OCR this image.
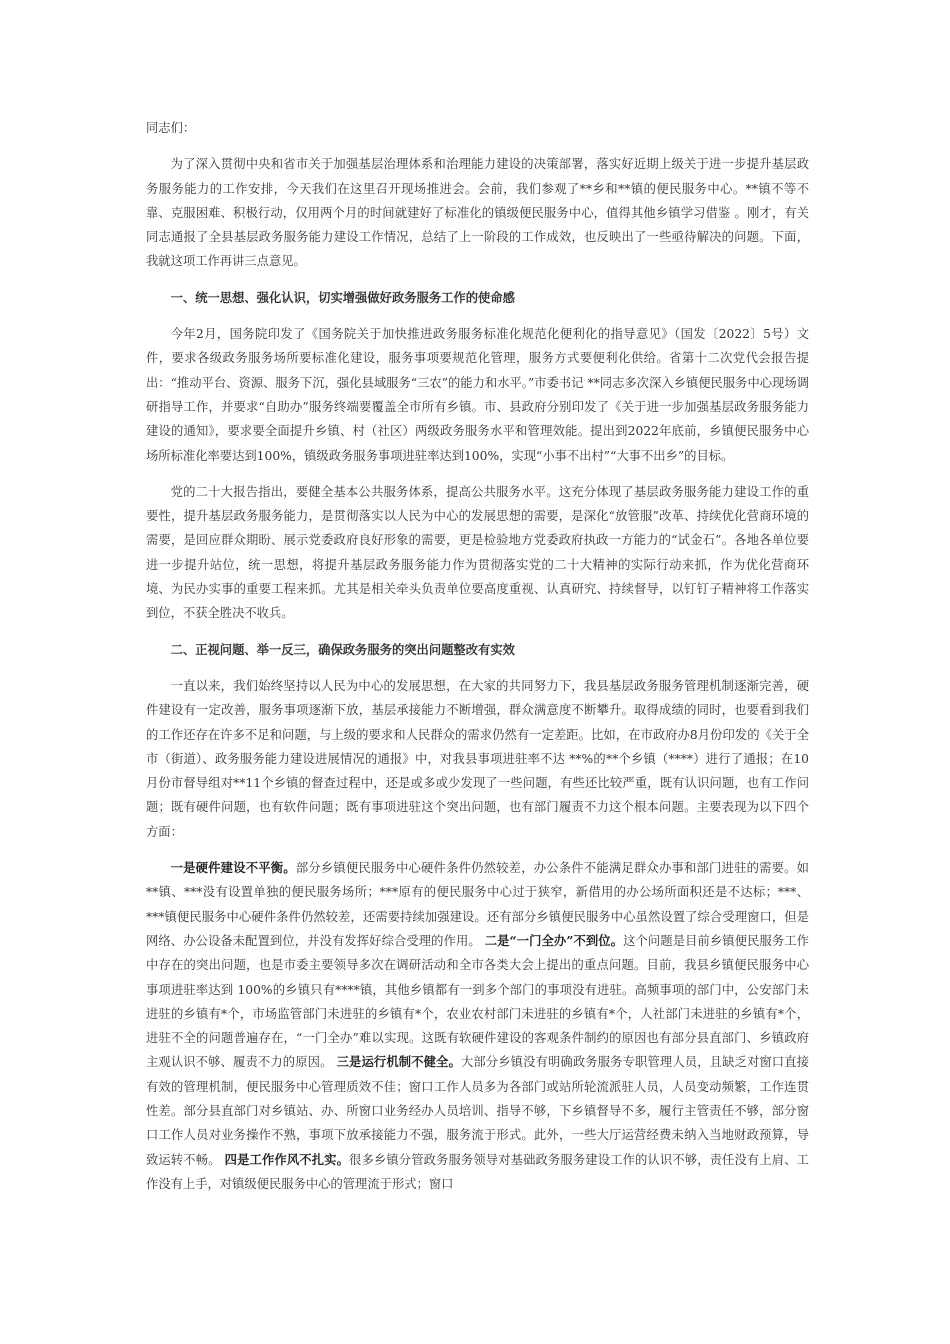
同志们：

为了深入贯彻中央和省市关于加强基层治理体系和治理能力建设的决策部署，落实好近期上级关于进一步提升基层政务服务能力的工作安排，今天我们在这里召开现场推进会。会前，我们参观了**乡和**镇的便民服务中心。**镇不等不靠、克服困难、积极行动，仅用两个月的时间就建好了标准化的镇级便民服务中心，值得其他乡镇学习借鉴 。刚才，有关同志通报了全县基层政务服务能力建设工作情况，总结了上一阶段的工作成效，也反映出了一些亟待解决的问题。下面，我就这项工作再讲三点意见。

一、统一思想、强化认识，切实增强做好政务服务工作的使命感

今年2月，国务院印发了《国务院关于加快推进政务服务标准化规范化便利化的指导意见》（国发〔2022〕5号）文件，要求各级政务服务场所要标准化建设，服务事项要规范化管理，服务方式要便利化供给。省第十二次党代会报告提出：“推动平台、资源、服务下沉，强化县域服务“三农”的能力和水平。”市委书记 **同志多次深入乡镇便民服务中心现场调研指导工作，并要求“自助办”服务终端要覆盖全市所有乡镇。市、县政府分别印发了《关于进一步加强基层政务服务能力建设的通知》，要求要全面提升乡镇、村（社区）两级政务服务水平和管理效能。提出到2022年底前，乡镇便民服务中心场所标准化率要达到100%，镇级政务服务事项进驻率达到100%，实现“小事不出村”“大事不出乡”的目标。

党的二十大报告指出，要健全基本公共服务体系，提高公共服务水平。这充分体现了基层政务服务能力建设工作的重要性，提升基层政务服务能力，是贯彻落实以人民为中心的发展思想的需要，是深化“放管服”改革、持续优化营商环境的需要，是回应群众期盼、展示党委政府良好形象的需要，更是检验地方党委政府执政一方能力的“试金石”。各地各单位要进一步提升站位，统一思想，将提升基层政务服务能力作为贯彻落实党的二十大精神的实际行动来抓，作为优化营商环境、为民办实事的重要工程来抓。尤其是相关牵头负责单位要高度重视、认真研究、持续督导，以钉钉子精神将工作落实到位，不获全胜决不收兵。

二、正视问题、举一反三，确保政务服务的突出问题整改有实效

一直以来，我们始终坚持以人民为中心的发展思想，在大家的共同努力下，我县基层政务服务管理机制逐渐完善，硬件建设有一定改善，服务事项逐渐下放，基层承接能力不断增强，群众满意度不断攀升。取得成绩的同时，也要看到我们的工作还存在许多不足和问题，与上级的要求和人民群众的需求仍然有一定差距。比如，在市政府办8月份印发的《关于全市（街道）、政务服务能力建设进展情况的通报》中，对我县事项进驻率不达 **%的**个乡镇（****）进行了通报；在10月份市督导组对**11个乡镇的督查过程中，还是或多或少发现了一些问题，有些还比较严重，既有认识问题，也有工作问题；既有硬件问题，也有软件问题；既有事项进驻这个突出问题，也有部门履责不力这个根本问题。主要表现为以下四个方面：

一是硬件建设不平衡。部分乡镇便民服务中心硬件条件仍然较差，办公条件不能满足群众办事和部门进驻的需要。如**镇、***没有设置单独的便民服务场所；***原有的便民服务中心过于狭窄，新借用的办公场所面积还是不达标；***、***镇便民服务中心硬件条件仍然较差，还需要持续加强建设。还有部分乡镇便民服务中心虽然设置了综合受理窗口，但是网络、办公设备未配置到位，并没有发挥好综合受理的作用。 二是“一门全办”不到位。这个问题是目前乡镇便民服务工作中存在的突出问题，也是市委主要领导多次在调研活动和全市各类大会上提出的重点问题。目前，我县乡镇便民服务中心事项进驻率达到 100%的乡镇只有****镇，其他乡镇都有一到多个部门的事项没有进驻。高频事项的部门中，公安部门未进驻的乡镇有*个，市场监管部门未进驻的乡镇有*个，农业农村部门未进驻的乡镇有*个，人社部门未进驻的乡镇有*个，进驻不全的问题普遍存在，“一门全办”难以实现。这既有软硬件建设的客观条件制约的原因也有部分县直部门、乡镇政府主观认识不够、履责不力的原因。 三是运行机制不健全。大部分乡镇没有明确政务服务专职管理人员，且缺乏对窗口直接有效的管理机制，便民服务中心管理质效不佳；窗口工作人员多为各部门或站所轮流派驻人员，人员变动频繁，工作连贯性差。部分县直部门对乡镇站、办、所窗口业务经办人员培训、指导不够，下乡镇督导不多，履行主管责任不够，部分窗口工作人员对业务操作不熟，事项下放承接能力不强，服务流于形式。此外，一些大厅运营经费未纳入当地财政预算，导致运转不畅。 四是工作作风不扎实。很多乡镇分管政务服务领导对基础政务服务建设工作的认识不够，责任没有上肩、工作没有上手，对镇级便民服务中心的管理流于形式；窗口
